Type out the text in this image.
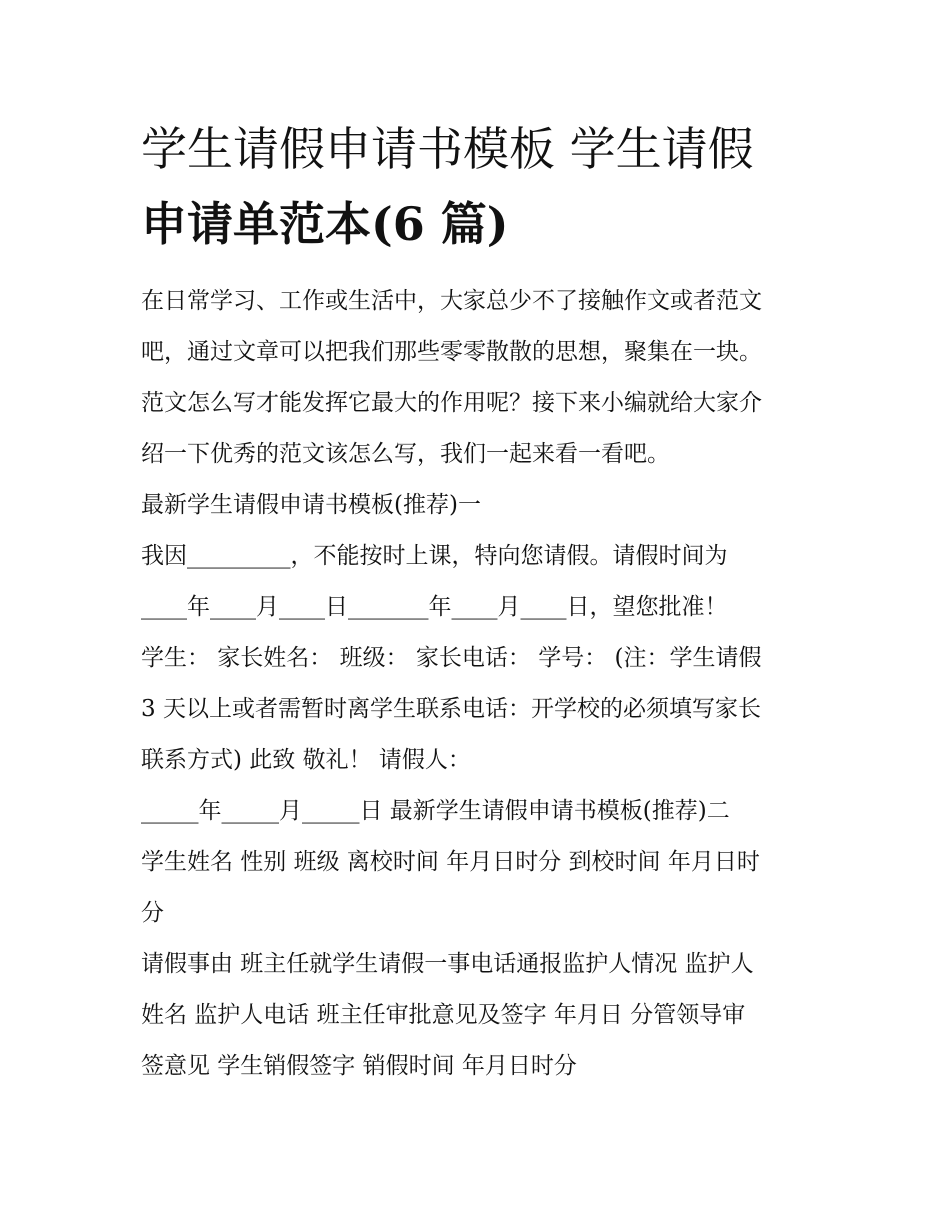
学生请假申请书模板 学生请假
申请单范本(6 篇)
在日常学习、工作或生活中，大家总少不了接触作文或者范文
吧，通过文章可以把我们那些零零散散的思想，聚集在一块。
范文怎么写才能发挥它最大的作用呢？接下来小编就给大家介
绍一下优秀的范文该怎么写，我们一起来看一看吧。
最新学生请假申请书模板(推荐)一
我因_________，不能按时上课，特向您请假。请假时间为
____年____月____日_______年____月____日，望您批准！
学生： 家长姓名： 班级： 家长电话： 学号： (注：学生请假
3 天以上或者需暂时离学生联系电话：开学校的必须填写家长
联系方式) 此致 敬礼！ 请假人：
_____年_____月_____日 最新学生请假申请书模板(推荐)二
学生姓名 性别 班级 离校时间 年月日时分 到校时间 年月日时
分
请假事由 班主任就学生请假一事电话通报监护人情况 监护人
姓名 监护人电话 班主任审批意见及签字 年月日 分管领导审
签意见 学生销假签字 销假时间 年月日时分
